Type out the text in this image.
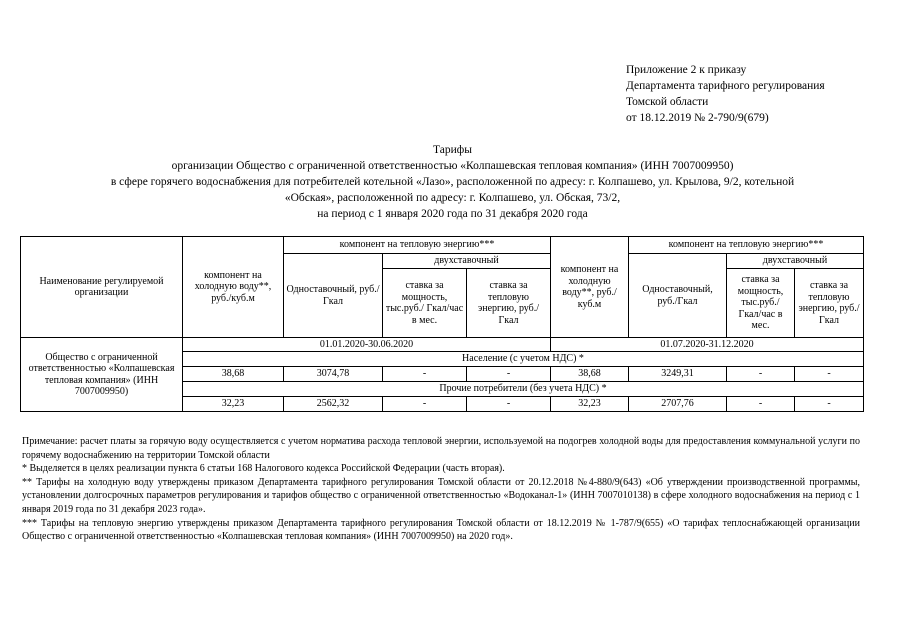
Приложение 2 к приказу
Департамента тарифного регулирования
Томской области
от 18.12.2019 № 2-790/9(679)
Тарифы
организации Общество с ограниченной ответственностью «Колпашевская тепловая компания» (ИНН 7007009950)
в сфере горячего водоснабжения для потребителей котельной «Лазо», расположенной по адресу: г. Колпашево, ул. Крылова, 9/2, котельной
«Обская», расположенной по адресу: г. Колпашево, ул. Обская, 73/2,
на период с 1 января 2020 года по 31 декабря 2020 года
Наименование регулируемой организации	компонент на холодную воду**, руб./куб.м	компонент на тепловую энергию***			компонент на холодную воду**, руб./куб.м	компонент на тепловую энергию***		
		Одноставочный, руб./Гкал	двухставочный			Одноставочный, руб./Гкал	двухставочный	
			ставка за мощность, тыс.руб./ Гкал/час в мес.	ставка за тепловую энергию, руб./Гкал			ставка за мощность, тыс.руб./ Гкал/час в мес.	ставка за тепловую энергию, руб./Гкал
Общество с ограниченной ответственностью «Колпашевская тепловая компания» (ИНН 7007009950)	01.01.2020-30.06.2020				01.07.2020-31.12.2020			
	Население (с учетом НДС) *							
	38,68	3074,78	-	-	38,68	3249,31	-	-
	Прочие потребители (без учета НДС) *							
	32,23	2562,32	-	-	32,23	2707,76	-	-

Примечание: расчет платы за горячую воду осуществляется с учетом норматива расхода тепловой энергии, используемой на подогрев холодной воды для предоставления коммунальной услуги по горячему водоснабжению на территории Томской области

* Выделяется в целях реализации пункта 6 статьи 168 Налогового кодекса Российской Федерации (часть вторая).

** Тарифы на холодную воду утверждены приказом Департамента тарифного регулирования Томской области от 20.12.2018 №4-880/9(643) «Об утверждении производственной программы, установлении долгосрочных параметров регулирования и тарифов общество с ограниченной ответственностью «Водоканал-1» (ИНН 7007010138) в сфере холодного водоснабжения на период с 1 января 2019 года по 31 декабря 2023 года».

*** Тарифы на тепловую энергию утверждены приказом Департамента тарифного регулирования Томской области от 18.12.2019 № 1-787/9(655) «О тарифах теплоснабжающей организации Общество с ограниченной ответственностью «Колпашевская тепловая компания» (ИНН 7007009950) на 2020 год».
